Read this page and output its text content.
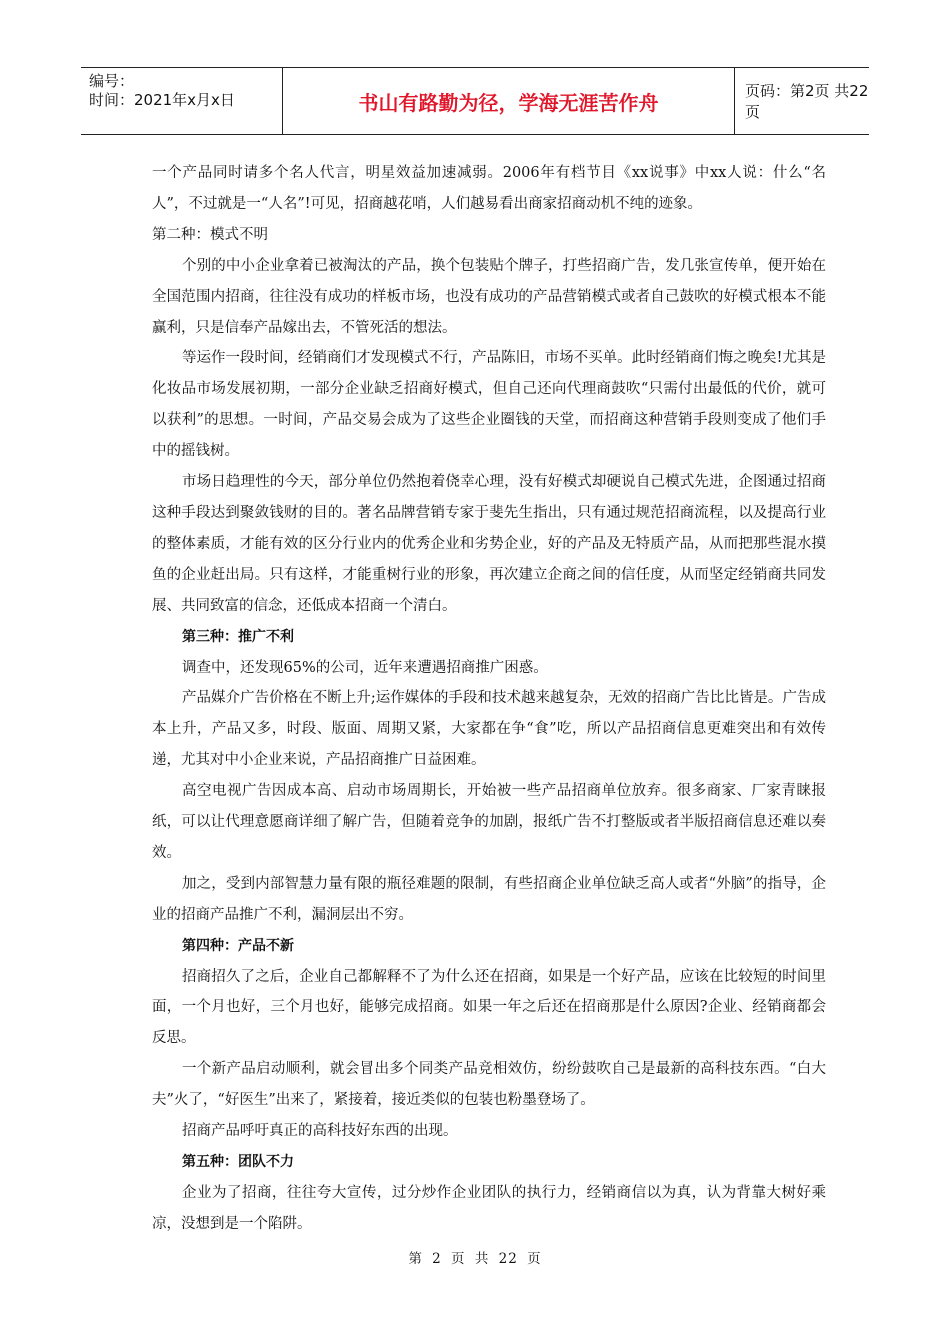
编号：
时间：2021年x月x日	书山有路勤为径，学海无涯苦作舟	页码：第2页 共22页

一个产品同时请多个名人代言，明星效益加速减弱。2006年有档节目《xx说事》中xx人说：什么“名人”，不过就是一“人名”!可见，招商越花哨，人们越易看出商家招商动机不纯的迹象。

第二种：模式不明

个别的中小企业拿着已被淘汰的产品，换个包装贴个牌子，打些招商广告，发几张宣传单，便开始在全国范围内招商，往往没有成功的样板市场，也没有成功的产品营销模式或者自己鼓吹的好模式根本不能赢利，只是信奉产品嫁出去，不管死活的想法。

等运作一段时间，经销商们才发现模式不行，产品陈旧，市场不买单。此时经销商们悔之晚矣!尤其是化妆品市场发展初期，一部分企业缺乏招商好模式，但自己还向代理商鼓吹“只需付出最低的代价，就可以获利”的思想。一时间，产品交易会成为了这些企业圈钱的天堂，而招商这种营销手段则变成了他们手中的摇钱树。

市场日趋理性的今天，部分单位仍然抱着侥幸心理，没有好模式却硬说自己模式先进，企图通过招商这种手段达到聚敛钱财的目的。著名品牌营销专家于斐先生指出，只有通过规范招商流程，以及提高行业的整体素质，才能有效的区分行业内的优秀企业和劣势企业，好的产品及无特质产品，从而把那些混水摸鱼的企业赶出局。只有这样，才能重树行业的形象，再次建立企商之间的信任度，从而坚定经销商共同发展、共同致富的信念，还低成本招商一个清白。

第三种：推广不利

调查中，还发现65%的公司，近年来遭遇招商推广困惑。

产品媒介广告价格在不断上升;运作媒体的手段和技术越来越复杂，无效的招商广告比比皆是。广告成本上升，产品又多，时段、版面、周期又紧，大家都在争“食”吃，所以产品招商信息更难突出和有效传递，尤其对中小企业来说，产品招商推广日益困难。

高空电视广告因成本高、启动市场周期长，开始被一些产品招商单位放弃。很多商家、厂家青睐报纸，可以让代理意愿商详细了解广告，但随着竞争的加剧，报纸广告不打整版或者半版招商信息还难以奏效。

加之，受到内部智慧力量有限的瓶径难题的限制，有些招商企业单位缺乏高人或者“外脑”的指导，企业的招商产品推广不利，漏洞层出不穷。

第四种：产品不新

招商招久了之后，企业自己都解释不了为什么还在招商，如果是一个好产品，应该在比较短的时间里面，一个月也好，三个月也好，能够完成招商。如果一年之后还在招商那是什么原因?企业、经销商都会反思。

一个新产品启动顺利，就会冒出多个同类产品竞相效仿，纷纷鼓吹自己是最新的高科技东西。“白大夫”火了，“好医生”出来了，紧接着，接近类似的包装也粉墨登场了。

招商产品呼吁真正的高科技好东西的出现。

第五种：团队不力

企业为了招商，往往夸大宣传，过分炒作企业团队的执行力，经销商信以为真，认为背靠大树好乘凉，没想到是一个陷阱。

第 2 页 共 22 页
